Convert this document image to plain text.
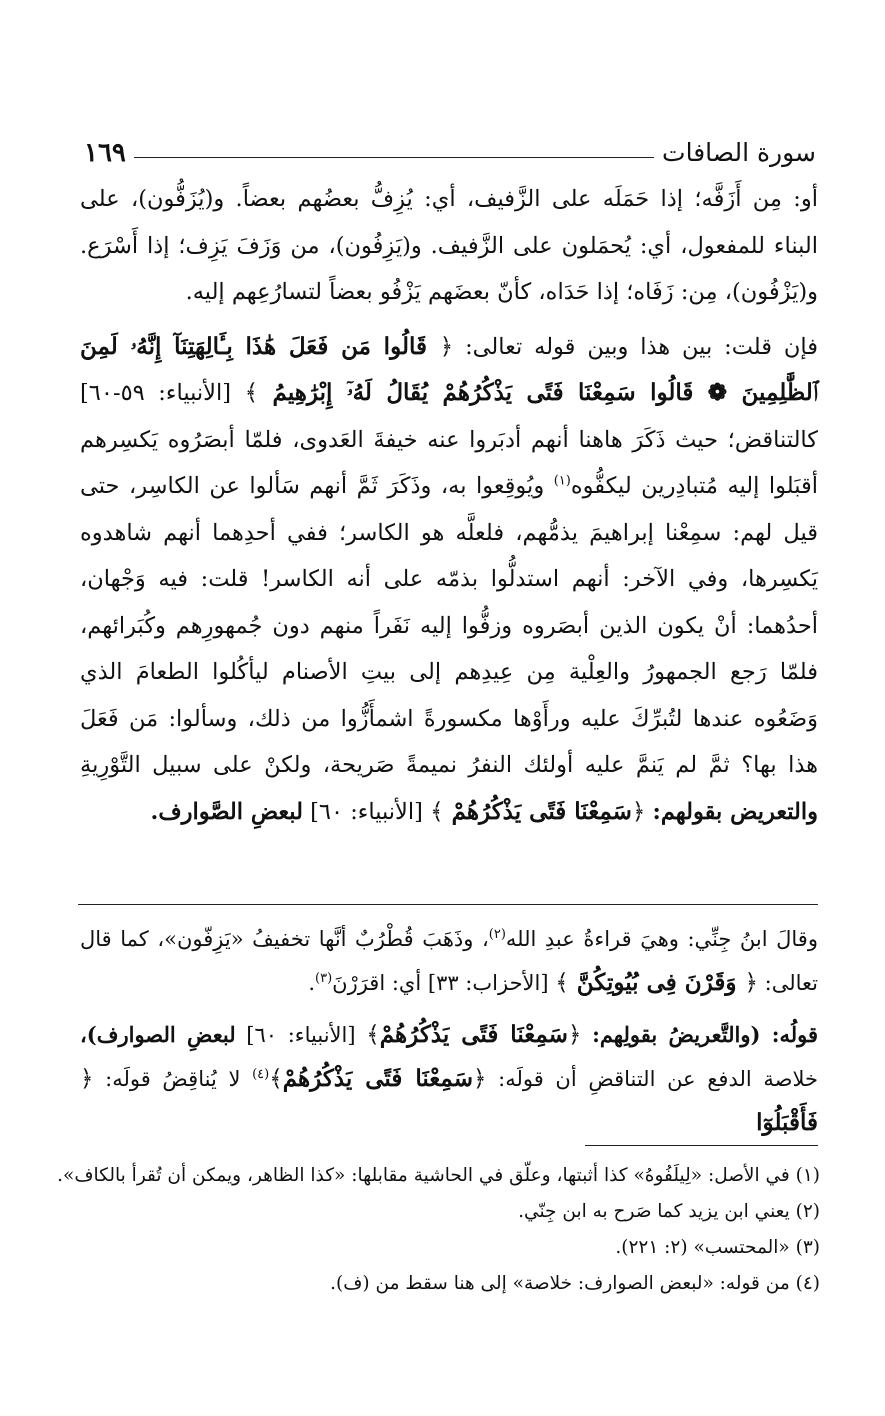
سورة الصافات
١٦٩

أو: مِن أَزَفَّه؛ إذا حَمَلَه على الزَّفيف، أي: يُزِفُّ بعضُهم بعضاً. و(يُزَفُّون)، على البناء للمفعول، أي: يُحمَلون على الزَّفيف. و(يَزِفُون)، من وَزَفَ يَزِف؛ إذا أَسْرَع. و(يَزْفُون)، مِن: زَفَاه؛ إذا حَدَاه، كأنّ بعضَهم يَزْفُو بعضاً لتسارُعِهم إليه.

فإن قلت: بين هذا وبين قوله تعالى: ﴿ قَالُوا مَن فَعَلَ هَٰذَا بِـَٔالِهَتِنَآ إِنَّهُۥ لَمِنَ ٱلظَّٰلِمِينَ ❁ قَالُوا سَمِعْنَا فَتًى يَذْكُرُهُمْ يُقَالُ لَهُۥٓ إِبْرَٰهِيمُ ﴾ [الأنبياء: ٥٩-٦٠] كالتناقض؛ حيث ذَكَرَ هاهنا أنهم أدبَروا عنه خيفةَ العَدوى، فلمّا أبصَرُوه يَكسِرهم أقبَلوا إليه مُتبادِرين ليكفُّوه$^{(١)}$ ويُوقِعوا به، وذَكَرَ ثَمَّ أنهم سَألوا عن الكاسِر، حتى قيل لهم: سمِعْنا إبراهيمَ يذمُّهم، فلعلَّه هو الكاسر؛ ففي أحدِهما أنهم شاهدوه يَكسِرها، وفي الآخر: أنهم استدلُّوا بذمّه على أنه الكاسر! قلت: فيه وَجْهان، أحدُهما: أنْ يكون الذين أبصَروه وزفُّوا إليه نَفَراً منهم دون جُمهورِهم وكُبَرائهم، فلمّا رَجع الجمهورُ والعِلْية مِن عِيدِهم إلى بيتِ الأصنام ليأكُلوا الطعامَ الذي وَضَعُوه عندها لتُبرِّكَ عليه ورأَوْها مكسورةً اشمأَزُّوا من ذلك، وسألوا: مَن فَعَلَ هذا بها؟ ثمَّ لم يَنمَّ عليه أولئك النفرُ نميمةً صَريحة، ولكنْ على سبيل التَّوْرِيةِ والتعريض بقولهم: ﴿سَمِعْنَا فَتًى يَذْكُرُهُمْ ﴾ [الأنبياء: ٦٠] لبعضِ الصَّوارف.

وقالَ ابنُ جِنِّي: وهيَ قراءةُ عبدِ الله$^{(٢)}$، وذَهَبَ قُطْرُبٌ أنَّها تخفيفُ «يَزِفّون»، كما قال تعالى: ﴿ وَقَرْنَ فِى بُيُوتِكُنَّ ﴾ [الأحزاب: ٣٣] أي: اقرَرْنَ$^{(٣)}$.

قولُه: (والتَّعريضُ بقولِهم: ﴿سَمِعْنَا فَتًى يَذْكُرُهُمْ﴾ [الأنبياء: ٦٠] لبعضِ الصوارف)، خلاصة الدفع عن التناقضِ أن قولَه: ﴿سَمِعْنَا فَتًى يَذْكُرُهُمْ﴾$^{(٤)}$ لا يُناقِضُ قولَه: ﴿ فَأَقْبَلُوٓا

(١) في الأصل: «لِيلَفُوهُ» كذا أثبتها، وعلّق في الحاشية مقابلها: «كذا الظاهر، ويمكن أن تُقرأ بالكاف».

(٢) يعني ابن يزيد كما صَرح به ابن جِنّي.

(٣) «المحتسب» (٢: ٢٢١).

(٤) من قوله: «لبعض الصوارف: خلاصة» إلى هنا سقط من (ف).
